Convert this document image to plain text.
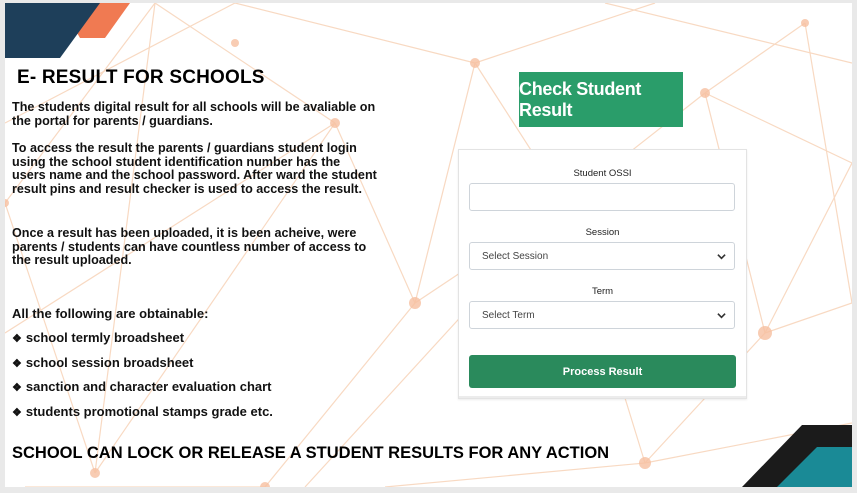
E- RESULT FOR SCHOOLS
The students digital result for all schools will be avaliable on the portal for parents / guardians.
To access the result the parents / guardians student login using the school student identification number has the users name and the school password. After ward the student result pins and result checker is used to access the result.
Once a result has been uploaded, it is been acheive, were parents / students can have countless number of access to the result uploaded.
All the following are obtainable:
❖ school termly broadsheet
❖ school session broadsheet
❖ sanction and character evaluation chart
❖ students promotional stamps grade etc.
SCHOOL CAN LOCK OR RELEASE A STUDENT RESULTS FOR ANY ACTION
Check Student Result
Student OSSI
Session
Select Session
Term
Select Term
Process Result
